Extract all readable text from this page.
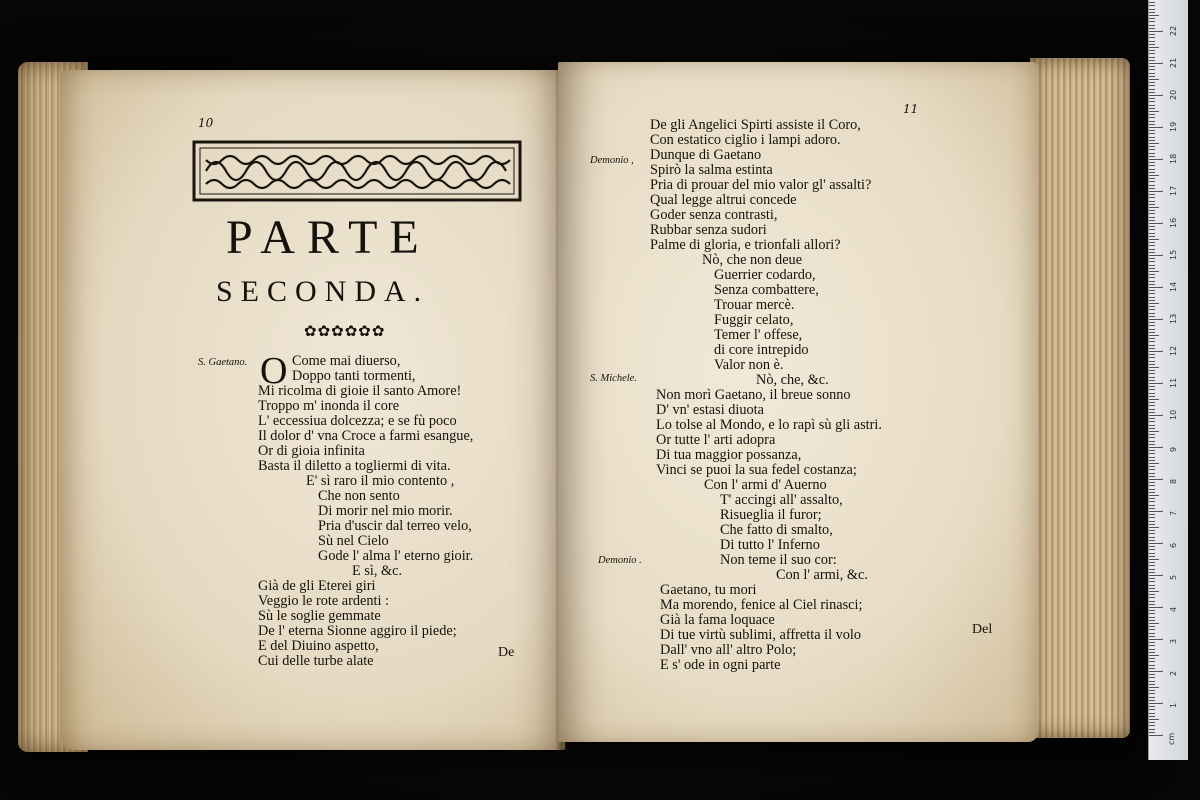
10
PARTE
SECONDA.
✿✿✿✿✿✿
S. Gaetano. O Come mai diuerso,
Doppo tanti tormenti,
Mi ricolma di gioie il santo Amore!
Troppo m' inonda il core
L' eccessiua dolcezza; e se fù poco
Il dolor d' vna Croce a farmi esangue,
Or di gioia infinita
Basta il diletto a togliermi di vita.
E' sì raro il mio contento ,
Che non sento
Di morir nel mio morir.
Pria d'uscir dal terreo velo,
Sù nel Cielo
Gode l' alma l' eterno gioir.
E sì, &c.
Già de gli Eterei giri
Veggio le rote ardenti :
Sù le soglie gemmate
De l' eterna Sionne aggiro il piede;
E del Diuino aspetto,
Cui delle turbe alate
De
11
Demonio ,
S. Michele.
Demonio .
De gli Angelici Spirti assiste il Coro,
Con estatico ciglio i lampi adoro.
Dunque di Gaetano
Spirò la salma estinta
Pria di prouar del mio valor gl' assalti?
Qual legge altrui concede
Goder senza contrasti,
Rubbar senza sudori
Palme di gloria, e trionfali allori?
Nò, che non deue
Guerrier codardo,
Senza combattere,
Trouar mercè.
Fuggir celato,
Temer l' offese,
di core intrepido
Valor non è.
Nò, che, &c.
Non morì Gaetano, il breue sonno
D' vn' estasi diuota
Lo tolse al Mondo, e lo rapì sù gli astri.
Or tutte l' arti adopra
Di tua maggior possanza,
Vinci se puoi la sua fedel costanza;
Con l' armi d' Auerno
T' accingi all' assalto,
Risueglia il furor;
Che fatto di smalto,
Di tutto l' Inferno
Non teme il suo cor:
Con l' armi, &c.
Gaetano, tu mori
Ma morendo, fenice al Ciel rinasci;
Già la fama loquace
Di tue virtù sublimi, affretta il volo
Dall' vno all' altro Polo;
E s' ode in ogni parte
Del
1
2
3
4
5
6
7
8
9
10
11
12
13
14
15
16
17
18
19
20
21
22
cm
